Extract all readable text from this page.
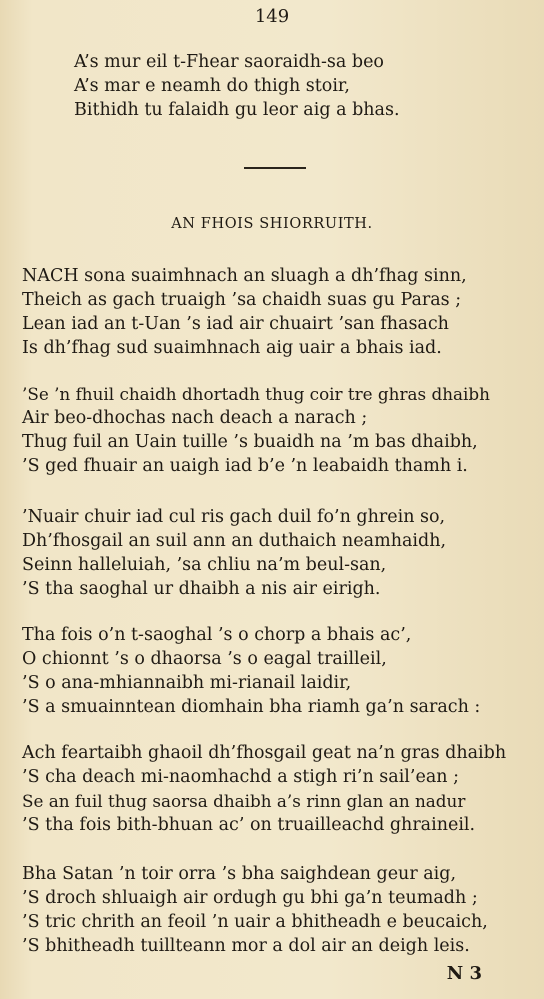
149
A’s mur eil t-Fhear saoraidh-sa beo
A’s mar e neamh do thigh stoir,
Bithidh tu falaidh gu leor aig a bhas.
AN FHOIS SHIORRUITH.
NACH sona suaimhnach an sluagh a dh’fhag sinn,
Theich as gach truaigh ’sa chaidh suas gu Paras ;
Lean iad an t-Uan ’s iad air chuairt ’san fhasach
Is dh’fhag sud suaimhnach aig uair a bhais iad.
’Se ’n fhuil chaidh dhortadh thug coir tre ghras dhaibh
Air beo-dhochas nach deach a narach ;
Thug fuil an Uain tuille ’s buaidh na ’m bas dhaibh,
’S ged fhuair an uaigh iad b’e ’n leabaidh thamh i.
’Nuair chuir iad cul ris gach duil fo’n ghrein so,
Dh’fhosgail an suil ann an duthaich neamhaidh,
Seinn halleluiah, ’sa chliu na’m beul-san,
’S tha saoghal ur dhaibh a nis air eirigh.
Tha fois o’n t-saoghal ’s o chorp a bhais ac’,
O chionnt ’s o dhaorsa ’s o eagal trailleil,
’S o ana-mhiannaibh mi-rianail laidir,
’S a smuainntean diomhain bha riamh ga’n sarach :
Ach feartaibh ghaoil dh’fhosgail geat na’n gras dhaibh
’S cha deach mi-naomhachd a stigh ri’n sail’ean ;
Se an fuil thug saorsa dhaibh a’s rinn glan an nadur
’S tha fois bith-bhuan ac’ on truailleachd ghraineil.
Bha Satan ’n toir orra ’s bha saighdean geur aig,
’S droch shluaigh air ordugh gu bhi ga’n teumadh ;
’S tric chrith an feoil ’n uair a bhitheadh e beucaich,
’S bhitheadh tuillteann mor a dol air an deigh leis.
N 3
